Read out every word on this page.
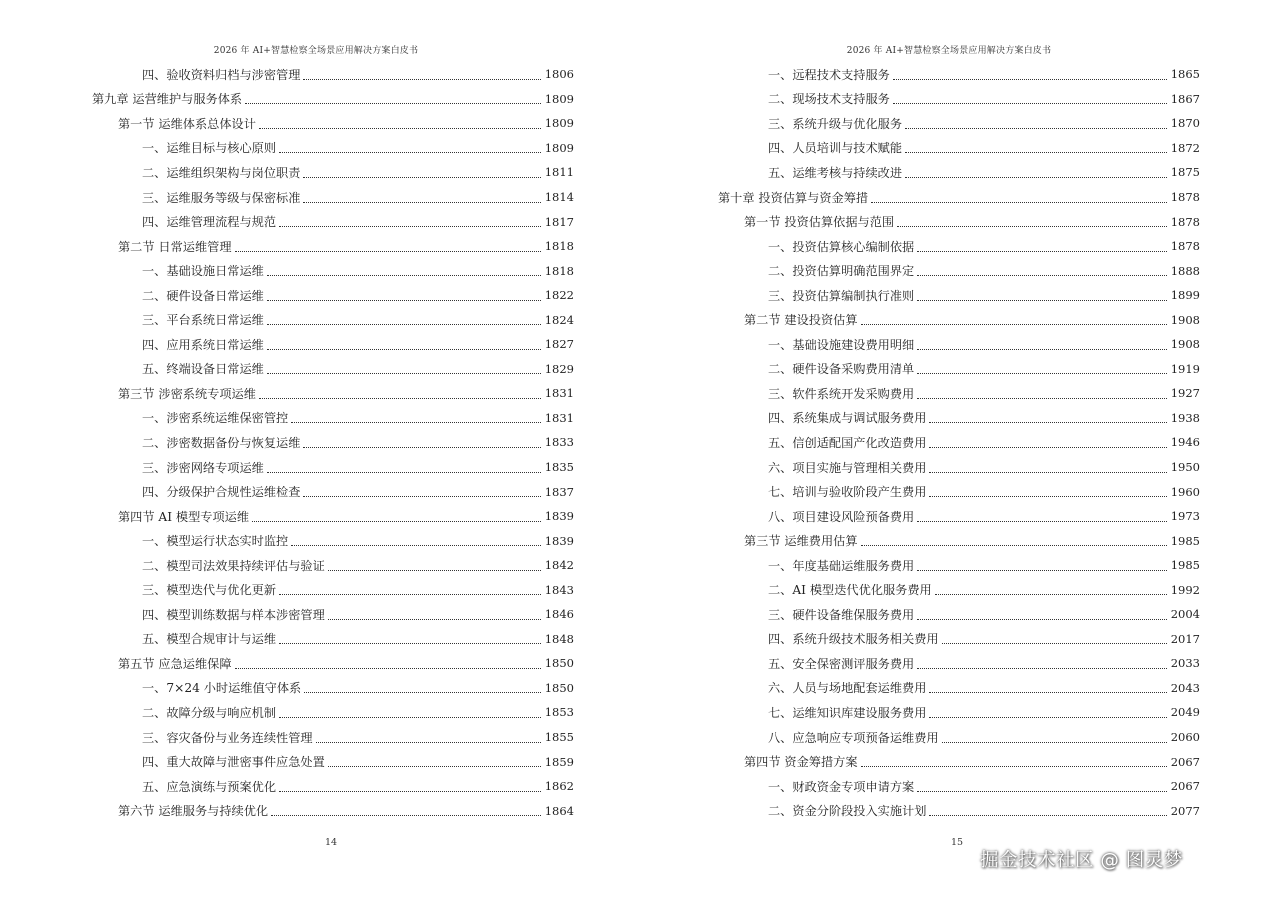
2026 年 AI+智慧检察全场景应用解决方案白皮书
四、验收资料归档与涉密管理	1806
第九章 运营维护与服务体系	1809
第一节 运维体系总体设计	1809
一、运维目标与核心原则	1809
二、运维组织架构与岗位职责	1811
三、运维服务等级与保密标准	1814
四、运维管理流程与规范	1817
第二节 日常运维管理	1818
一、基础设施日常运维	1818
二、硬件设备日常运维	1822
三、平台系统日常运维	1824
四、应用系统日常运维	1827
五、终端设备日常运维	1829
第三节 涉密系统专项运维	1831
一、涉密系统运维保密管控	1831
二、涉密数据备份与恢复运维	1833
三、涉密网络专项运维	1835
四、分级保护合规性运维检查	1837
第四节 AI 模型专项运维	1839
一、模型运行状态实时监控	1839
二、模型司法效果持续评估与验证	1842
三、模型迭代与优化更新	1843
四、模型训练数据与样本涉密管理	1846
五、模型合规审计与运维	1848
第五节 应急运维保障	1850
一、7×24 小时运维值守体系	1850
二、故障分级与响应机制	1853
三、容灾备份与业务连续性管理	1855
四、重大故障与泄密事件应急处置	1859
五、应急演练与预案优化	1862
第六节 运维服务与持续优化	1864
14
2026 年 AI+智慧检察全场景应用解决方案白皮书
一、远程技术支持服务	1865
二、现场技术支持服务	1867
三、系统升级与优化服务	1870
四、人员培训与技术赋能	1872
五、运维考核与持续改进	1875
第十章 投资估算与资金筹措	1878
第一节 投资估算依据与范围	1878
一、投资估算核心编制依据	1878
二、投资估算明确范围界定	1888
三、投资估算编制执行准则	1899
第二节 建设投资估算	1908
一、基础设施建设费用明细	1908
二、硬件设备采购费用清单	1919
三、软件系统开发采购费用	1927
四、系统集成与调试服务费用	1938
五、信创适配国产化改造费用	1946
六、项目实施与管理相关费用	1950
七、培训与验收阶段产生费用	1960
八、项目建设风险预备费用	1973
第三节 运维费用估算	1985
一、年度基础运维服务费用	1985
二、AI 模型迭代优化服务费用	1992
三、硬件设备维保服务费用	2004
四、系统升级技术服务相关费用	2017
五、安全保密测评服务费用	2033
六、人员与场地配套运维费用	2043
七、运维知识库建设服务费用	2049
八、应急响应专项预备运维费用	2060
第四节 资金筹措方案	2067
一、财政资金专项申请方案	2067
二、资金分阶段投入实施计划	2077
15
掘金技术社区 @ 图灵梦
